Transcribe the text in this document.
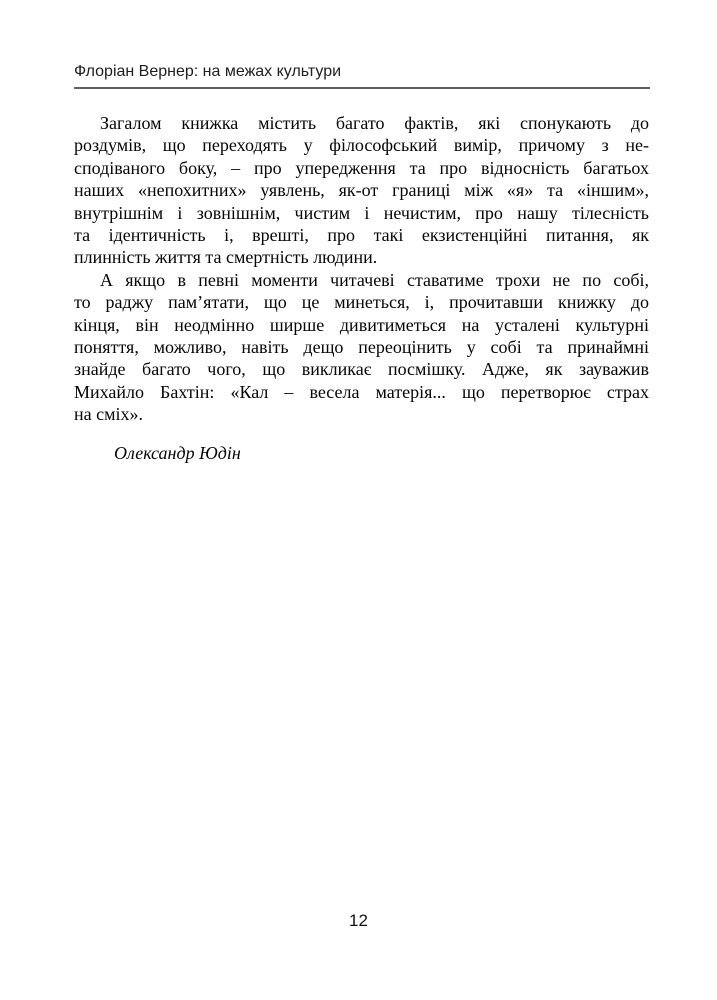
Флоріан Вернер: на межах культури
Загалом книжка містить багато фактів, які спонукають до
роздумів, що переходять у філософський вимір, причому з не-
сподіваного боку, – про упередження та про відносність багатьох
наших «непохитних» уявлень, як-от границі між «я» та «іншим»,
внутрішнім і зовнішнім, чистим і нечистим, про нашу тілесність
та ідентичність і, врешті, про такі екзистенційні питання, як
плинність життя та смертність людини.
А якщо в певні моменти читачеві ставатиме трохи не по собі,
то раджу пам’ятати, що це минеться, і, прочитавши книжку до
кінця, він неодмінно ширше дивитиметься на усталені культурні
поняття, можливо, навіть дещо переоцінить у собі та принаймні
знайде багато чого, що викликає посмішку. Адже, як зауважив
Михайло Бахтін: «Кал – весела матерія... що перетворює страх
на сміх».
Олександр Юдін
12
